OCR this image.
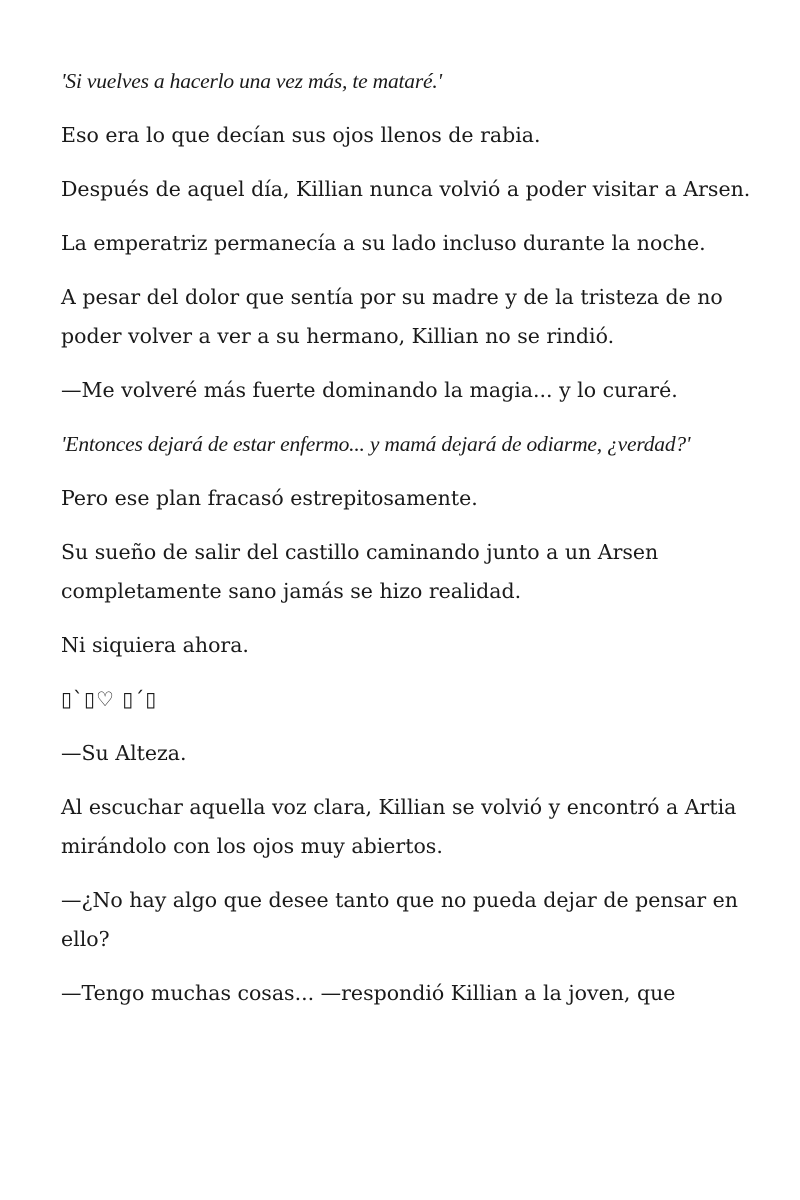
'Si vuelves a hacerlo una vez más, te mataré.'

Eso era lo que decían sus ojos llenos de rabia.

Después de aquel día, Killian nunca volvió a poder visitar a Arsen.

La emperatriz permanecía a su lado incluso durante la noche.

A pesar del dolor que sentía por su madre y de la tristeza de no poder volver a ver a su hermano, Killian no se rindió.

—Me volveré más fuerte dominando la magia... y lo curaré.

'Entonces dejará de estar enfermo... y mamá dejará de odiarme, ¿verdad?'

Pero ese plan fracasó estrepitosamente.

Su sueño de salir del castillo caminando junto a un Arsen completamente sano jamás se hizo realidad.

Ni siquiera ahora.

▯`▯♡ ▯´▯

—Su Alteza.

Al escuchar aquella voz clara, Killian se volvió y encontró a Artia mirándolo con los ojos muy abiertos.

—¿No hay algo que desee tanto que no pueda dejar de pensar en ello?

—Tengo muchas cosas... —respondió Killian a la joven, que
